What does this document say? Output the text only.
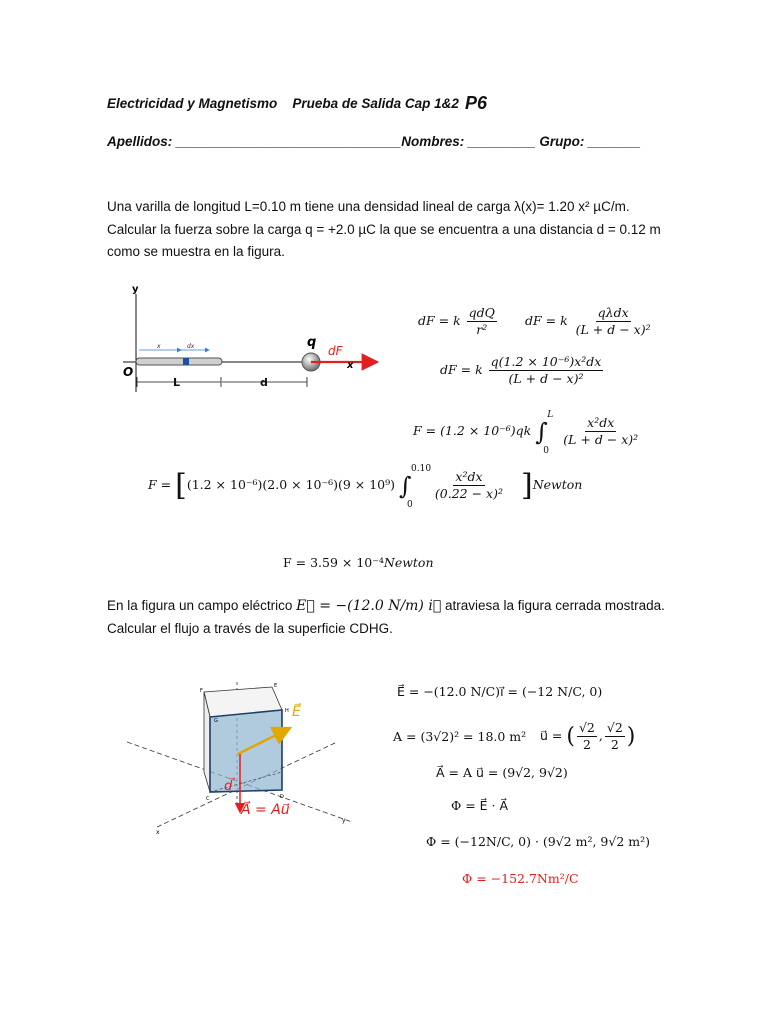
Electricidad y Magnetismo Prueba de Salida Cap 1&2 P6
Apellidos: ______________________________Nombres: _________ Grupo: _______
Una varilla de longitud L=0.10 m tiene una densidad lineal de carga λ(x)= 1.20 x² µC/m.
Calcular la fuerza sobre la carga q = +2.0 µC la que se encuentra a una distancia d = 0.12 m
como se muestra en la figura.
y
O
x	dx
L	d
q
dF
x
dF = k $\frac{\text{qdQ}}{\text{r²}}$ dF = k $\frac{\text{qλdx}}{\text{(L + d − x)²}}$
dF = k $\frac{\text{q(1.2 × 10⁻⁶)x²dx}}{\text{(L + d − x)²}}$
F = (1.2 × 10⁻⁶)qk ∫
L
0

$\frac{\text{x²dx}}{\text{(L + d − x)²}}$
F = [(1.2 × 10⁻⁶)(2.0 × 10⁻⁶)(9 × 10⁹) ∫
0.10
0

$\frac{\text{x²dx}}{\text{(0.22 − x)²}}$ ]Newton
F = 3.59 × 10⁻⁴Newton
En la figura un campo eléctrico E⃗ = −(12.0 N/m) i⃗ atraviesa la figura cerrada mostrada.
Calcular el flujo a través de la superficie CDHG.
x
y
F
G
H
E
C	D
E⃗
d⃗
A⃗ = Au⃗
E⃗ = −(12.0 N/C)i⃗ = (−12 N/C, 0)
A = (3√2)² = 18.0 m² u⃗ = ( $\frac{√2}{2}$ , $\frac{√2}{2}$ )
A⃗ = A u⃗ = (9√2, 9√2)
Φ = E⃗ · A⃗
Φ = (−12N/C, 0) · (9√2 m², 9√2 m²)
Φ = −152.7Nm²/C
